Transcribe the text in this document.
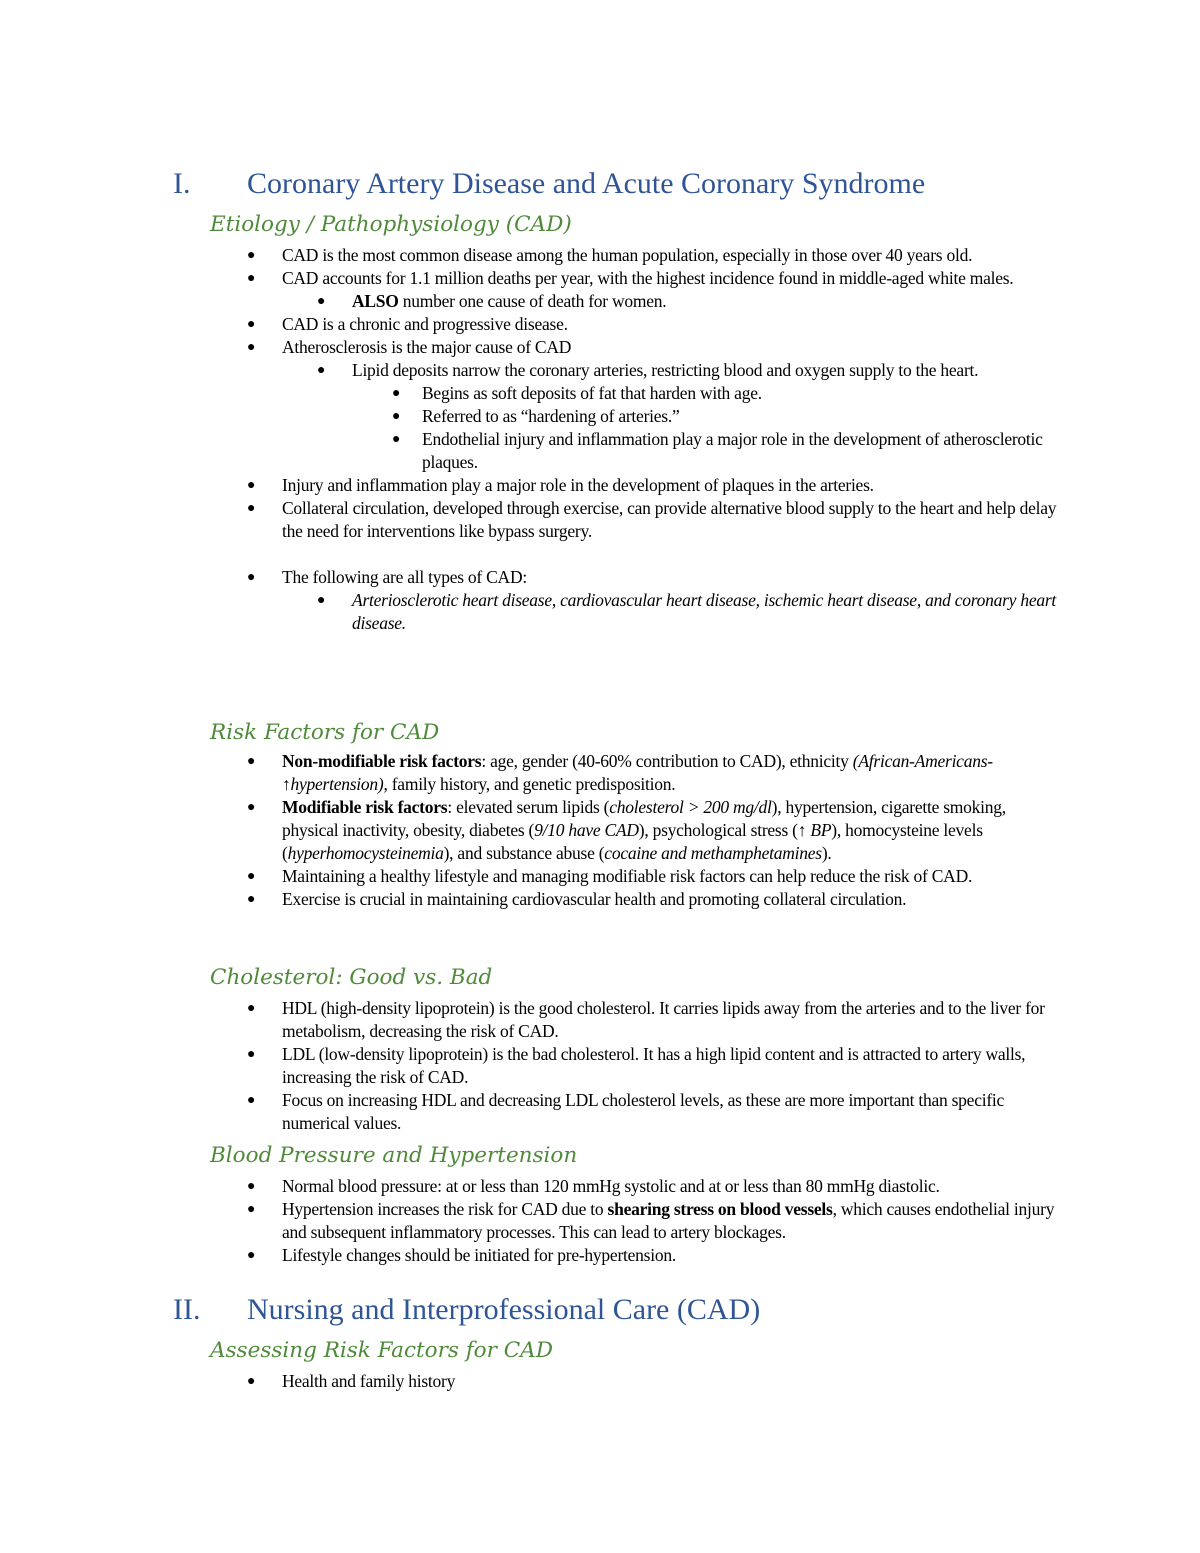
I. Coronary Artery Disease and Acute Coronary Syndrome
Etiology / Pathophysiology (CAD)
● CAD is the most common disease among the human population, especially in those over 40 years old.
● CAD accounts for 1.1 million deaths per year, with the highest incidence found in middle-aged white males.
● ALSO number one cause of death for women.
● CAD is a chronic and progressive disease.
● Atherosclerosis is the major cause of CAD
● Lipid deposits narrow the coronary arteries, restricting blood and oxygen supply to the heart.
● Begins as soft deposits of fat that harden with age.
● Referred to as “hardening of arteries.”
● Endothelial injury and inflammation play a major role in the development of atherosclerotic plaques.
● Injury and inflammation play a major role in the development of plaques in the arteries.
● Collateral circulation, developed through exercise, can provide alternative blood supply to the heart and help delay the need for interventions like bypass surgery.
● The following are all types of CAD:
● Arteriosclerotic heart disease, cardiovascular heart disease, ischemic heart disease, and coronary heart disease.
Risk Factors for CAD
● Non-modifiable risk factors: age, gender (40-60% contribution to CAD), ethnicity (African-Americans- ↑hypertension), family history, and genetic predisposition.
● Modifiable risk factors: elevated serum lipids (cholesterol > 200 mg/dl), hypertension, cigarette smoking, physical inactivity, obesity, diabetes (9/10 have CAD), psychological stress (↑ BP), homocysteine levels (hyperhomocysteinemia), and substance abuse (cocaine and methamphetamines).
● Maintaining a healthy lifestyle and managing modifiable risk factors can help reduce the risk of CAD.
● Exercise is crucial in maintaining cardiovascular health and promoting collateral circulation.
Cholesterol: Good vs. Bad
● HDL (high-density lipoprotein) is the good cholesterol. It carries lipids away from the arteries and to the liver for metabolism, decreasing the risk of CAD.
● LDL (low-density lipoprotein) is the bad cholesterol. It has a high lipid content and is attracted to artery walls, increasing the risk of CAD.
● Focus on increasing HDL and decreasing LDL cholesterol levels, as these are more important than specific numerical values.
Blood Pressure and Hypertension
● Normal blood pressure: at or less than 120 mmHg systolic and at or less than 80 mmHg diastolic.
● Hypertension increases the risk for CAD due to shearing stress on blood vessels, which causes endothelial injury and subsequent inflammatory processes. This can lead to artery blockages.
● Lifestyle changes should be initiated for pre-hypertension.
II. Nursing and Interprofessional Care (CAD)
Assessing Risk Factors for CAD
● Health and family history
